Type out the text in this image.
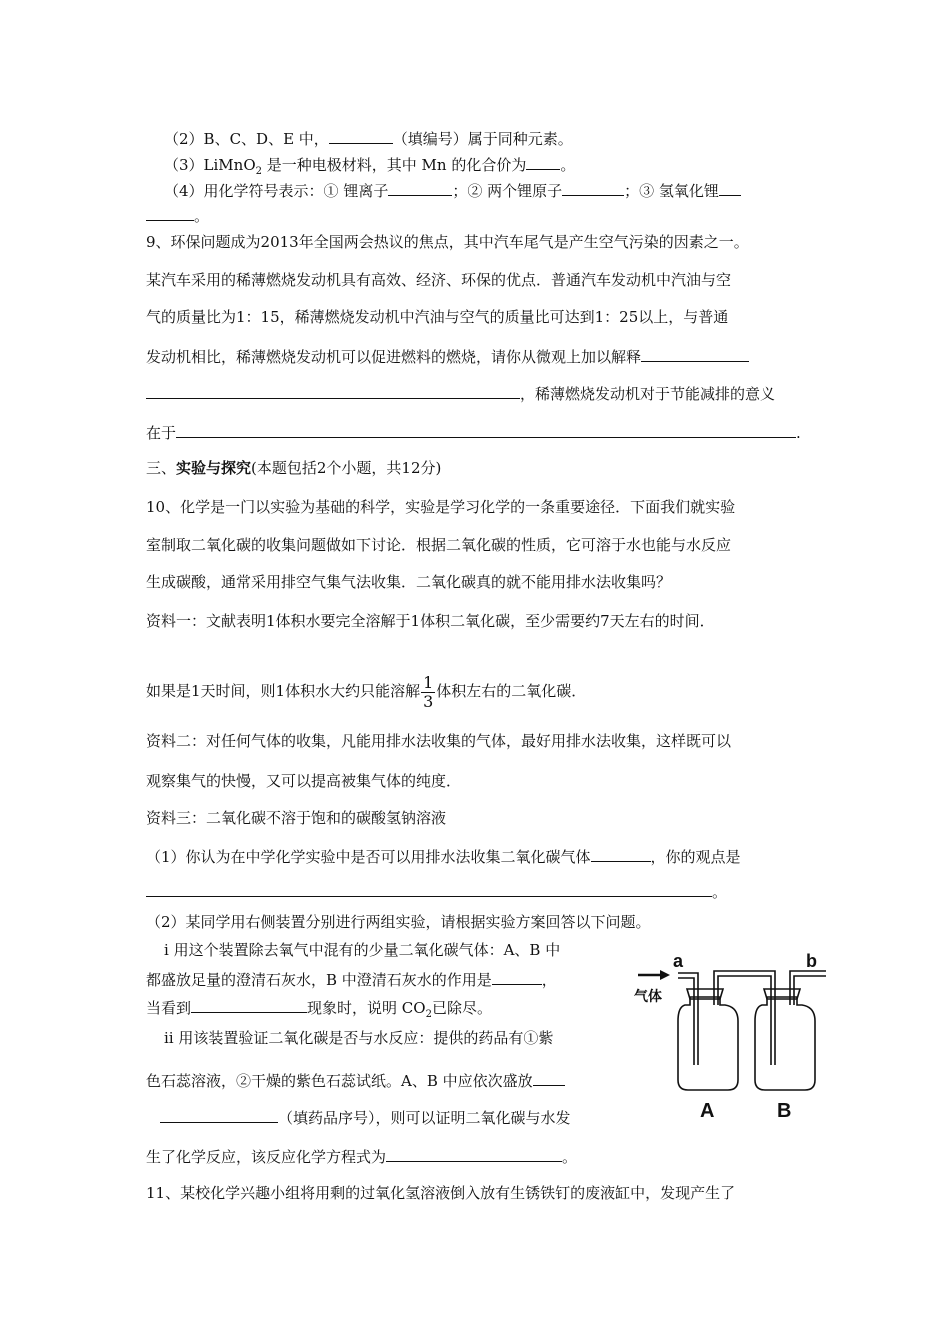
（2）B、C、D、E 中，	（填编号）属于同种元素。
（3）LiMnO$_2$ 是一种电极材料，其中 Mn 的化合价为 。
（4）用化学符号表示：① 锂离子	；② 两个锂原子	；③ 氢氧化锂
。
9、环保问题成为2013年全国两会热议的焦点，其中汽车尾气是产生空气污染的因素之一。
某汽车采用的稀薄燃烧发动机具有高效、经济、环保的优点．普通汽车发动机中汽油与空
气的质量比为1：15，稀薄燃烧发动机中汽油与空气的质量比可达到1：25以上，与普通
发动机相比，稀薄燃烧发动机可以促进燃料的燃烧，请你从微观上加以解释
，稀薄燃烧发动机对于节能减排的意义
在于	.
三、实验与探究(本题包括2个小题，共12分)
10、化学是一门以实验为基础的科学，实验是学习化学的一条重要途径．下面我们就实验
室制取二氧化碳的收集问题做如下讨论．根据二氧化碳的性质，它可溶于水也能与水反应
生成碳酸，通常采用排空气集气法收集．二氧化碳真的就不能用排水法收集吗？
资料一：文献表明1体积水要完全溶解于1体积二氧化碳，至少需要约7天左右的时间．
如果是1天时间，则1体积水大约只能溶解 $\frac{1}{3}$ 体积左右的二氧化碳．
资料二：对任何气体的收集，凡能用排水法收集的气体，最好用排水法收集，这样既可以
观察集气的快慢，又可以提高被集气体的纯度．
资料三：二氧化碳不溶于饱和的碳酸氢钠溶液
（1）你认为在中学化学实验中是否可以用排水法收集二氧化碳气体	，你的观点是
。
（2）某同学用右侧装置分别进行两组实验，请根据实验方案回答以下问题。
ⅰ 用这个装置除去氧气中混有的少量二氧化碳气体：A、B 中
都盛放足量的澄清石灰水，B 中澄清石灰水的作用是	，
当看到	现象时，说明 $CO_2$已除尽。
ⅱ 用该装置验证二氧化碳是否与水反应：提供的药品有①紫
色石蕊溶液，②干燥的紫色石蕊试纸。A、B 中应依次盛放
（填药品序号），则可以证明二氧化碳与水发
生了化学反应，该反应化学方程式为	。
11、某校化学兴趣小组将用剩的过氧化氢溶液倒入放有生锈铁钉的废液缸中，发现产生了
a	b
气体
A	B
